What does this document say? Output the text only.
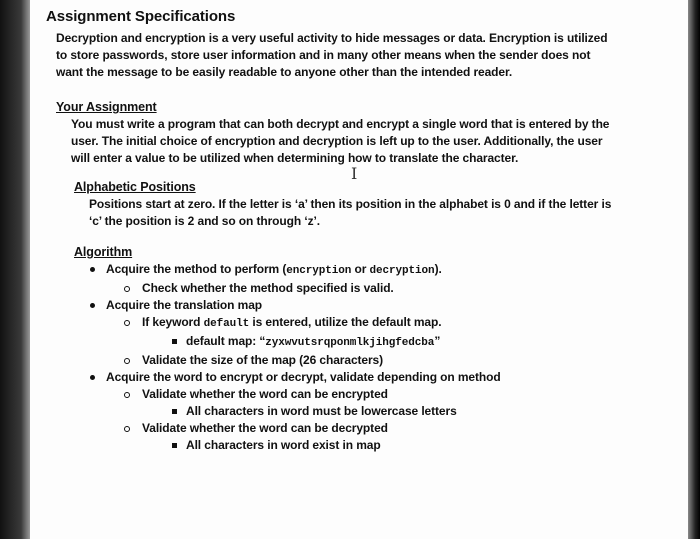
Assignment Specifications
Decryption and encryption is a very useful activity to hide messages or data. Encryption is utilized
to store passwords, store user information and in many other means when the sender does not
want the message to be easily readable to anyone other than the intended reader.
Your Assignment
You must write a program that can both decrypt and encrypt a single word that is entered by the
user. The initial choice of encryption and decryption is left up to the user. Additionally, the user
will enter a value to be utilized when determining how to translate the character.
I
Alphabetic Positions
Positions start at zero. If the letter is ‘a’ then its position in the alphabet is 0 and if the letter is
‘c’ the position is 2 and so on through ‘z’.
Algorithm
Acquire the method to perform (encryption or decryption).
Check whether the method specified is valid.
Acquire the translation map
If keyword default is entered, utilize the default map.
default map: “zyxwvutsrqponmlkjihgfedcba”
Validate the size of the map (26 characters)
Acquire the word to encrypt or decrypt, validate depending on method
Validate whether the word can be encrypted
All characters in word must be lowercase letters
Validate whether the word can be decrypted
All characters in word exist in map
